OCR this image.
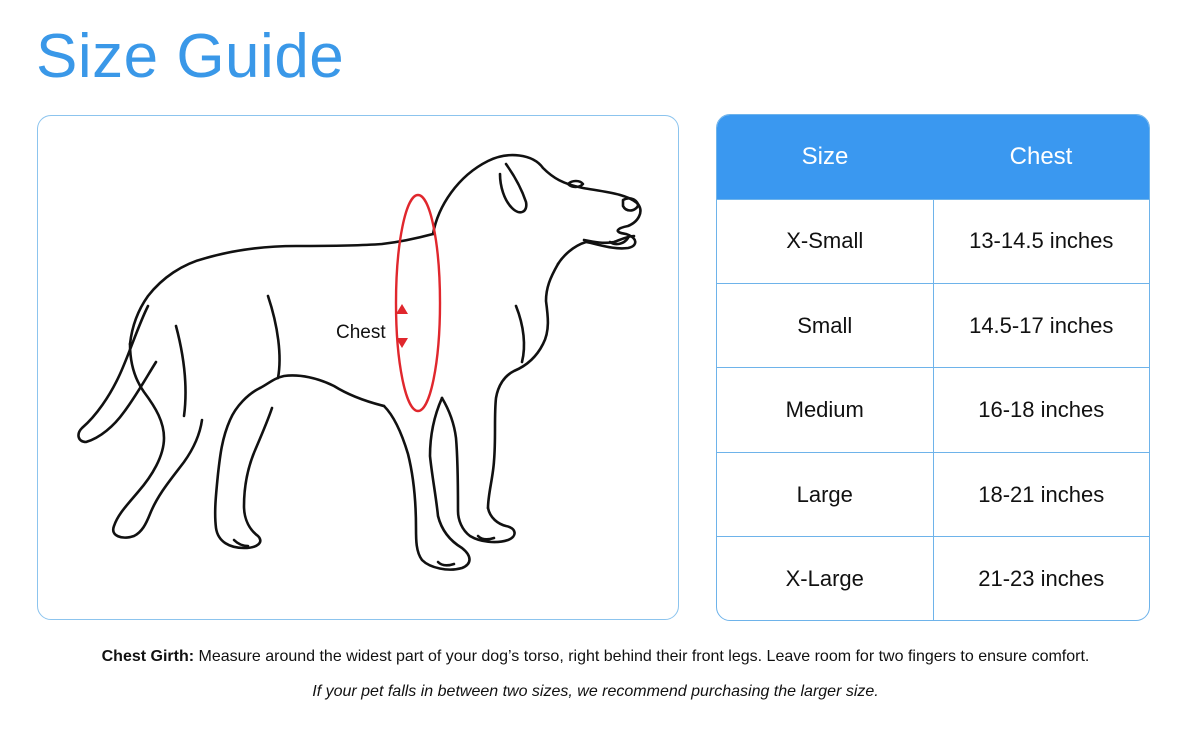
Size Guide
Chest
Size	Chest
X-Small	13-14.5 inches
Small	14.5-17 inches
Medium	16-18 inches
Large	18-21 inches
X-Large	21-23 inches

Chest Girth: Measure around the widest part of your dog’s torso, right behind their front legs. Leave room for two fingers to ensure comfort.

If your pet falls in between two sizes, we recommend purchasing the larger size.
